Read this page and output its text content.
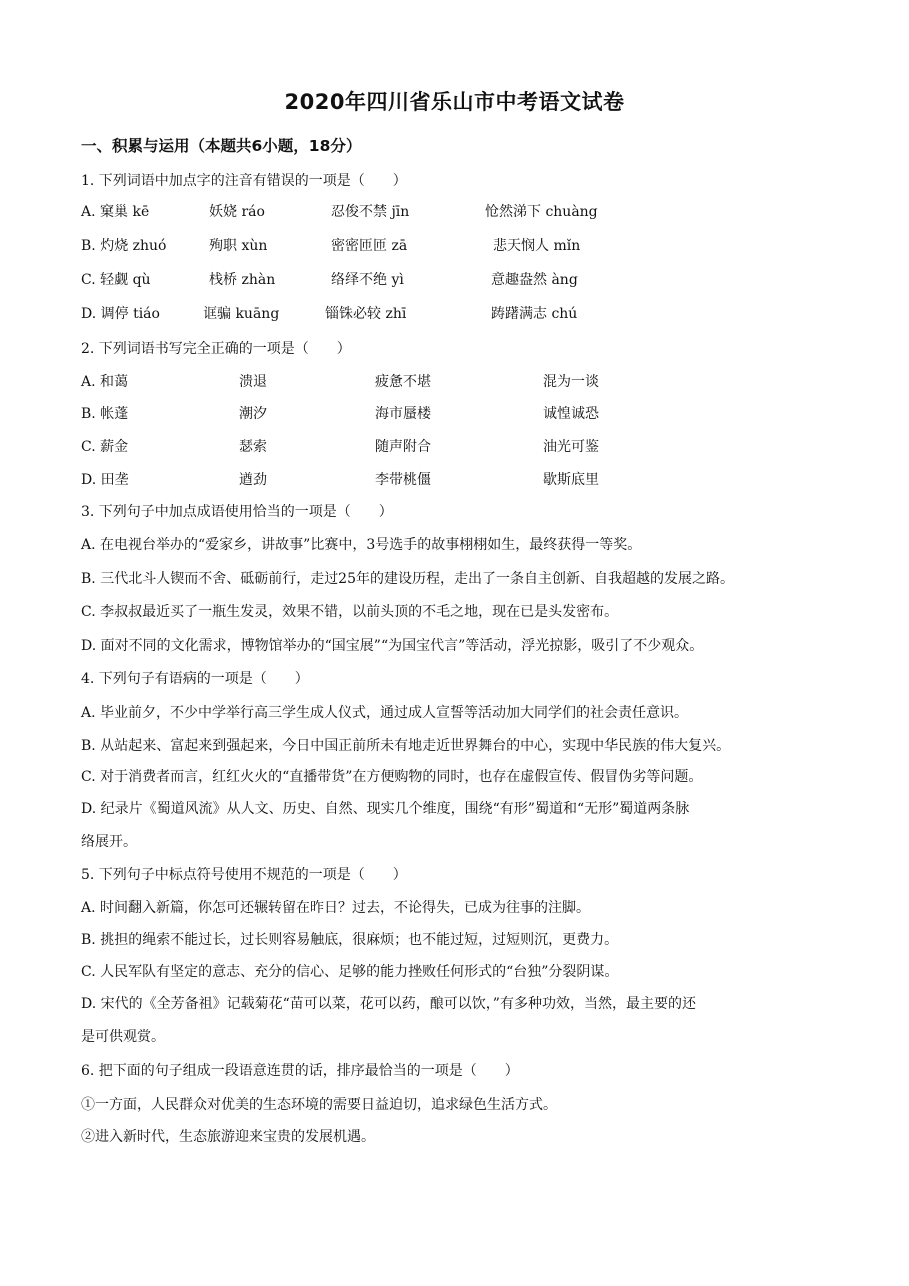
2020年四川省乐山市中考语文试卷
一、积累与运用（本题共6小题，18分）
1. 下列词语中加点字的注音有错误的一项是（　　）
A. 窠巢 kē	妖娆 ráo	忍俊不禁 jīn	怆然涕下 chuàng
B. 灼烧 zhuó	殉职 xùn	密密匝匝 zā	悲天悯人 mǐn
C. 轻觑 qù	栈桥 zhàn	络绎不绝 yì	意趣盎然 àng
D. 调停 tiáo	诓骗 kuāng	锱铢必较 zhī	踌躇满志 chú
2. 下列词语书写完全正确的一项是（　　）
A. 和蔼	溃退	疲惫不堪	混为一谈
B. 帐蓬	潮汐	海市蜃楼	诚惶诚恐
C. 薪金	瑟索	随声附合	油光可鉴
D. 田垄	遒劲	李带桃僵	歇斯底里
3. 下列句子中加点成语使用恰当的一项是（　　）
A. 在电视台举办的“爱家乡，讲故事”比赛中，3号选手的故事栩栩如生，最终获得一等奖。
B. 三代北斗人锲而不舍、砥砺前行，走过25年的建设历程，走出了一条自主创新、自我超越的发展之路。
C. 李叔叔最近买了一瓶生发灵，效果不错，以前头顶的不毛之地，现在已是头发密布。
D. 面对不同的文化需求，博物馆举办的“国宝展”“为国宝代言”等活动，浮光掠影，吸引了不少观众。
4. 下列句子有语病的一项是（　　）
A. 毕业前夕，不少中学举行高三学生成人仪式，通过成人宣誓等活动加大同学们的社会责任意识。
B. 从站起来、富起来到强起来，今日中国正前所未有地走近世界舞台的中心，实现中华民族的伟大复兴。
C. 对于消费者而言，红红火火的“直播带货”在方便购物的同时，也存在虚假宣传、假冒伪劣等问题。
D. 纪录片《蜀道风流》从人文、历史、自然、现实几个维度，围绕“有形”蜀道和“无形”蜀道两条脉
络展开。
5. 下列句子中标点符号使用不规范的一项是（　　）
A. 时间翻入新篇，你怎可还辗转留在昨日？过去，不论得失，已成为往事的注脚。
B. 挑担的绳索不能过长，过长则容易触底，很麻烦；也不能过短，过短则沉，更费力。
C. 人民军队有坚定的意志、充分的信心、足够的能力挫败任何形式的“台独”分裂阴谋。
D. 宋代的《全芳备祖》记载菊花“苗可以菜，花可以药，酿可以饮，”有多种功效，当然，最主要的还
是可供观赏。
6. 把下面的句子组成一段语意连贯的话，排序最恰当的一项是（　　）
①一方面，人民群众对优美的生态环境的需要日益迫切，追求绿色生活方式。
②进入新时代，生态旅游迎来宝贵的发展机遇。
